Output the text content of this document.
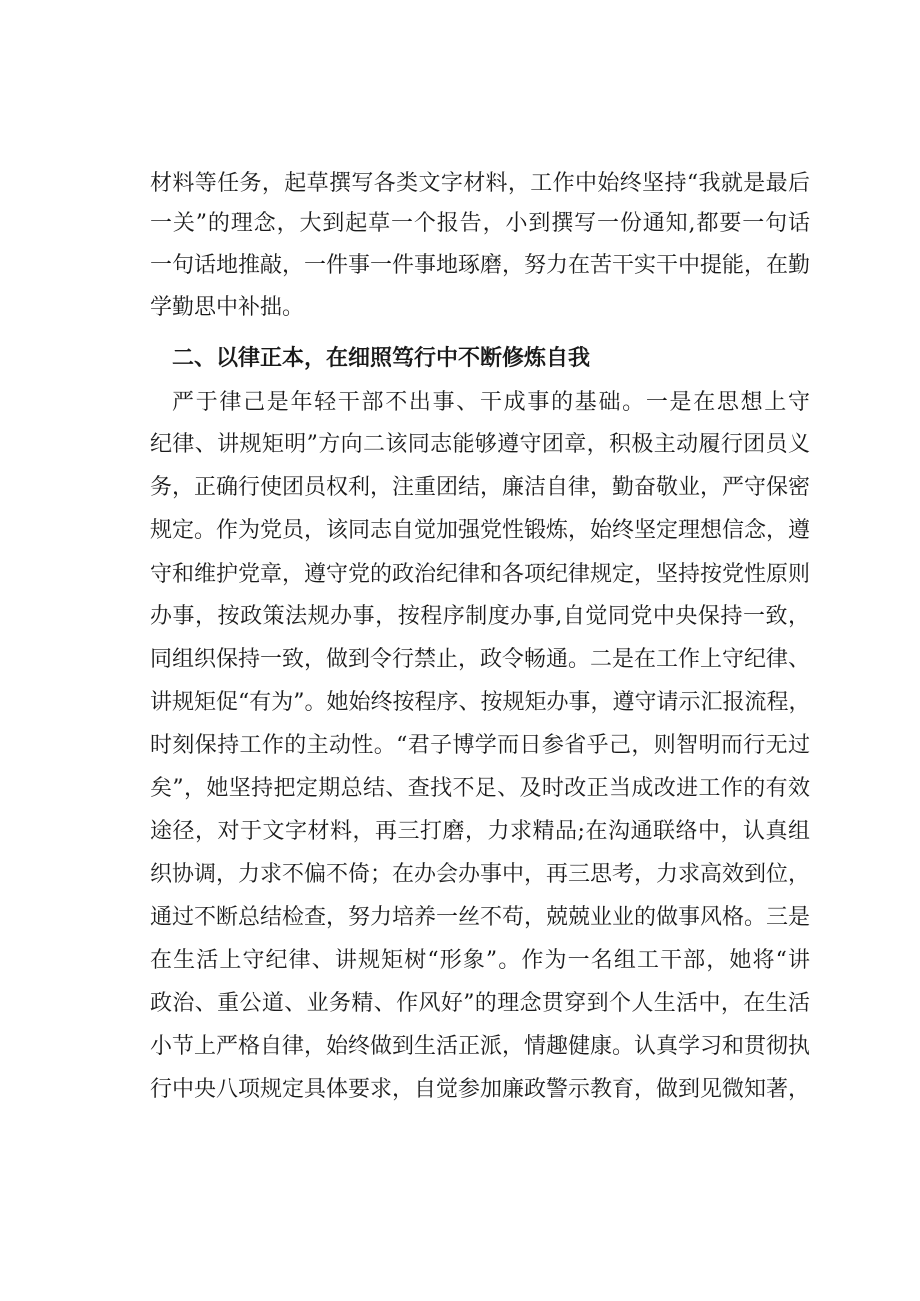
材料等任务，起草撰写各类文字材料，工作中始终坚持“我就是最后
一关”的理念，大到起草一个报告，小到撰写一份通知,都要一句话
一句话地推敲，一件事一件事地琢磨，努力在苦干实干中提能，在勤
学勤思中补拙。
二、以律正本，在细照笃行中不断修炼自我
严于律己是年轻干部不出事、干成事的基础。一是在思想上守
纪律、讲规矩明”方向二该同志能够遵守团章，积极主动履行团员义
务，正确行使团员权利，注重团结，廉洁自律，勤奋敬业，严守保密
规定。作为党员，该同志自觉加强党性锻炼，始终坚定理想信念，遵
守和维护党章，遵守党的政治纪律和各项纪律规定，坚持按党性原则
办事，按政策法规办事，按程序制度办事,自觉同党中央保持一致，
同组织保持一致，做到令行禁止，政令畅通。二是在工作上守纪律、
讲规矩促“有为”。她始终按程序、按规矩办事，遵守请示汇报流程，
时刻保持工作的主动性。“君子博学而日参省乎己，则智明而行无过
矣”，她坚持把定期总结、查找不足、及时改正当成改进工作的有效
途径，对于文字材料，再三打磨，力求精品;在沟通联络中，认真组
织协调，力求不偏不倚；在办会办事中，再三思考，力求高效到位，
通过不断总结检查，努力培养一丝不苟，兢兢业业的做事风格。三是
在生活上守纪律、讲规矩树“形象”。作为一名组工干部，她将“讲
政治、重公道、业务精、作风好”的理念贯穿到个人生活中，在生活
小节上严格自律，始终做到生活正派，情趣健康。认真学习和贯彻执
行中央八项规定具体要求，自觉参加廉政警示教育，做到见微知著，
